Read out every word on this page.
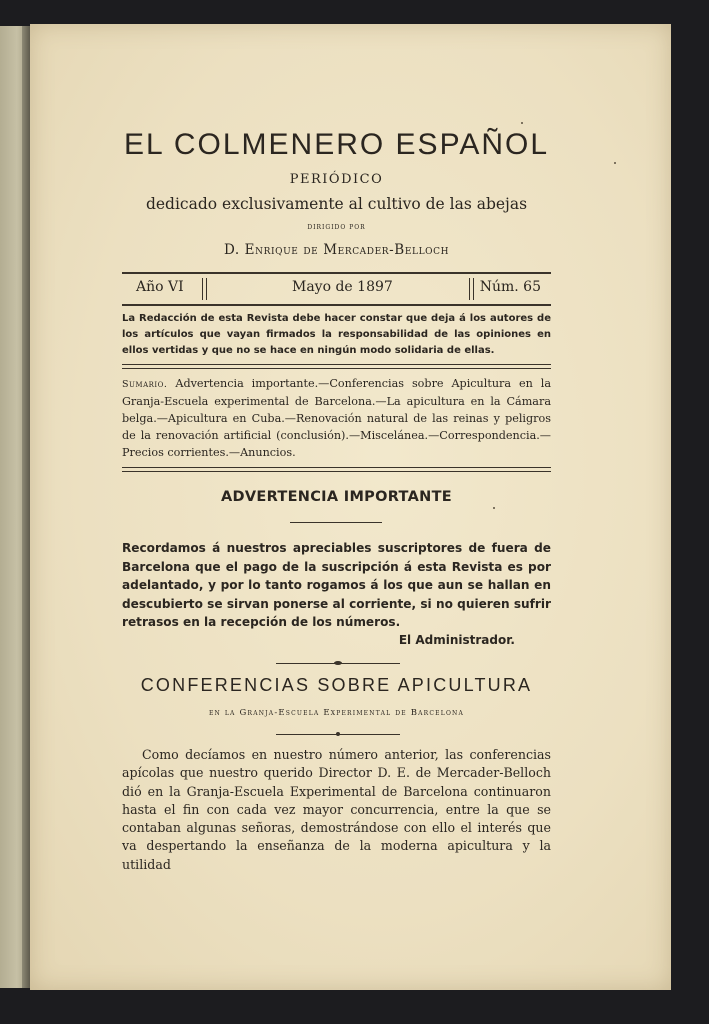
EL COLMENERO ESPAÑOL
PERIÓDICO
dedicado exclusivamente al cultivo de las abejas
DIRIGIDO POR
D. Enrique de Mercader-Belloch
Año VI	Mayo de 1897	Núm. 65
La Redacción de esta Revista debe hacer constar que deja á los autores de los artículos que vayan firmados la responsabilidad de las opiniones en ellos vertidas y que no se hace en ningún modo solidaria de ellas.
Sumario. Advertencia importante.—Conferencias sobre Apicultura en la Granja-Escuela experimental de Barcelona.—La apicultura en la Cámara belga.—Apicultura en Cuba.—Renovación natural de las reinas y peligros de la renovación artificial (conclusión).—Miscelánea.—Correspondencia.—Precios corrientes.—Anuncios.
ADVERTENCIA IMPORTANTE
Recordamos á nuestros apreciables suscriptores de fuera de Barcelona que el pago de la suscripción á esta Revista es por adelantado, y por lo tanto rogamos á los que aun se hallan en descubierto se sirvan ponerse al corriente, si no quieren sufrir retrasos en la recepción de los números.
El Administrador.
CONFERENCIAS SOBRE APICULTURA
en la Granja-Escuela Experimental de Barcelona
Como decíamos en nuestro número anterior, las conferencias apícolas que nuestro querido Director D. E. de Mercader-Belloch dió en la Granja-Escuela Experimental de Barcelona continuaron hasta el fin con cada vez mayor concurrencia, entre la que se contaban algunas señoras, demostrándose con ello el interés que va despertando la enseñanza de la moderna apicultura y la utilidad
